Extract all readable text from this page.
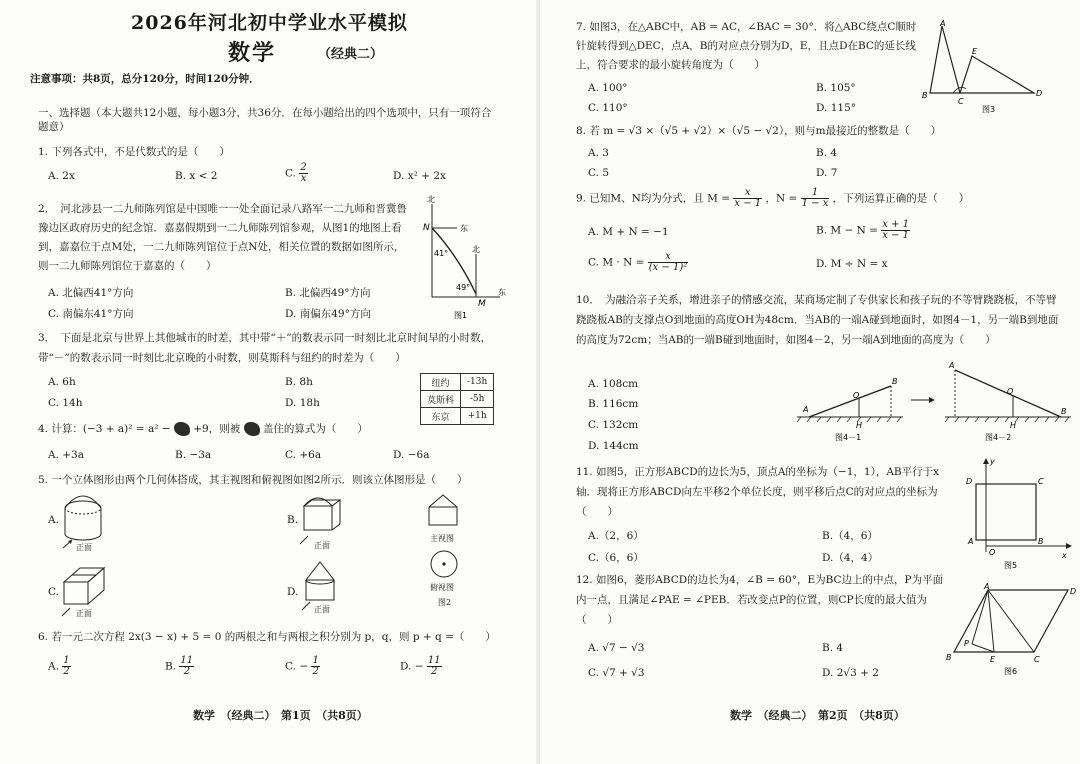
2026年河北初中学业水平模拟
数学	（经典二）
注意事项：共8页，总分120分，时间120分钟．
一、选择题（本大题共12小题，每小题3分，共36分．在每小题给出的四个选项中，只有一项符合题意）
1. 下列各式中，不是代数式的是（　　）
A. 2x	B. x < 2	C. $\frac{2}{x}$	D. x² + 2x
2．　河北涉县一二九师陈列馆是中国唯一一处全面记录八路军一二九师和晋冀鲁豫边区政府历史的纪念馆．嘉嘉假期到一二九师陈列馆参观，从图1的地图上看到，嘉嘉位于点M处，一二九师陈列馆位于点N处，相关位置的数据如图所示，则一二九师陈列馆位于嘉嘉的（　　）
A. 北偏西41°方向	B. 北偏西49°方向
C. 南偏东41°方向	D. 南偏东49°方向
北
东
北
东
41°
49°
N
M
图1
3．　下面是北京与世界上其他城市的时差，其中带“＋”的数表示同一时刻比北京时间早的小时数，带“－”的数表示同一时刻比北京晚的小时数，则莫斯科与纽约的时差为（　　）
A. 6h	B. 8h
C. 14h	D. 18h
纽约	-13h
莫斯科	-5h
东京	+1h
4. 计算：(−3 + a)² = a² − +9，则被 盖住的算式为（　　）
A. +3a	B. −3a	C. +6a	D. −6a
5. 一个立体图形由两个几何体搭成，其主视图和俯视图如图2所示．则该立体图形是（　　）
A.
正面
B.
正面
主视图
俯视图
图2
C.
正面
D.
正面
6. 若一元二次方程 2x(3 − x) + 5 = 0 的两根之和与两根之积分别为 p，q，则 p + q =（　　）
A. $\frac{1}{2}$	B. $\frac{11}{2}$	C. − $\frac{1}{2}$	D. − $\frac{11}{2}$
数学　（经典二）　第1页　（共8页）
7. 如图3，在△ABC中，AB = AC，∠BAC = 30°．将△ABC绕点C顺时针旋转得到△DEC，点A，B的对应点分别为D，E，且点D在BC的延长线上，符合要求的最小旋转角度为（　　）
A. 100°	B. 105°
C. 110°	D. 115°
A
B
C
D
E
图3
8. 若 m = √3 ×（√5 + √2）×（√5 − √2），则与m最接近的整数是（　　）
A. 3	B. 4
C. 5	D. 7
9. 已知M、N均为分式，且 $M = \frac{x}{x - 1}$ ，$N = \frac{1}{1 - x}$ ，下列运算正确的是（　　）
A. M + N = −1	B. $M - N = \frac{x + 1}{x - 1}$
C. $M \cdot N = \frac{x}{\text{(x − 1)²}}$	D. M ÷ N = x
10．　为融洽亲子关系，增进亲子的情感交流，某商场定制了专供家长和孩子玩的不等臂跷跷板，不等臂跷跷板AB的支撑点O到地面的高度OH为48cm．当AB的一端A碰到地面时，如图4－1，另一端B到地面的高度为72cm；当AB的一端B碰到地面时，如图4－2，另一端A到地面的高度为（　　）
A. 108cm
B. 116cm
C. 132cm
D. 144cm
A
B
O
H
图4－1
A
B
O
H
图4－2
11. 如图5，正方形ABCD的边长为5，顶点A的坐标为（−1，1），AB平行于x轴．现将正方形ABCD向左平移2个单位长度，则平移后点C的对应点的坐标为（　　）
A.（2，6）	B.（4，6）
C.（6，6）	D.（4，4）
y
x
O
A	B
C
D
图5
12. 如图6，菱形ABCD的边长为4，∠B = 60°，E为BC边上的中点，P为平面内一点，且满足∠PAE = ∠PEB．若改变点P的位置，则CP长度的最大值为（　　）
A. √7 − √3	B. 4
C. √7 + √3	D. 2√3 + 2
A
B	C
D
E
P
图6
数学　（经典二）　第2页　（共8页）
